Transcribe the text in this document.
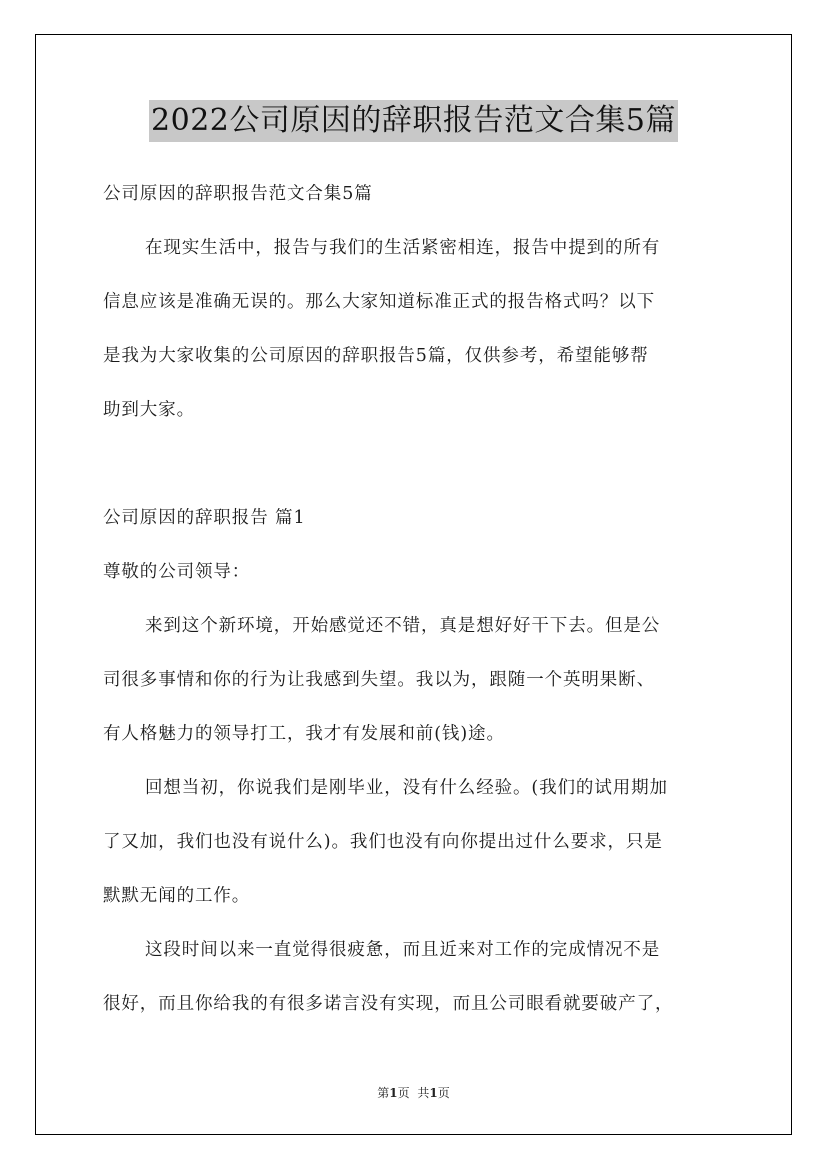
2022公司原因的辞职报告范文合集5篇
公司原因的辞职报告范文合集5篇
在现实生活中，报告与我们的生活紧密相连，报告中提到的所有
信息应该是准确无误的。那么大家知道标准正式的报告格式吗？以下
是我为大家收集的公司原因的辞职报告5篇，仅供参考，希望能够帮
助到大家。
公司原因的辞职报告 篇1
尊敬的公司领导：
来到这个新环境，开始感觉还不错，真是想好好干下去。但是公
司很多事情和你的行为让我感到失望。我以为，跟随一个英明果断、
有人格魅力的领导打工，我才有发展和前(钱)途。
回想当初，你说我们是刚毕业，没有什么经验。(我们的试用期加
了又加，我们也没有说什么)。我们也没有向你提出过什么要求，只是
默默无闻的工作。
这段时间以来一直觉得很疲惫，而且近来对工作的完成情况不是
很好，而且你给我的有很多诺言没有实现，而且公司眼看就要破产了，
第1页 共1页
